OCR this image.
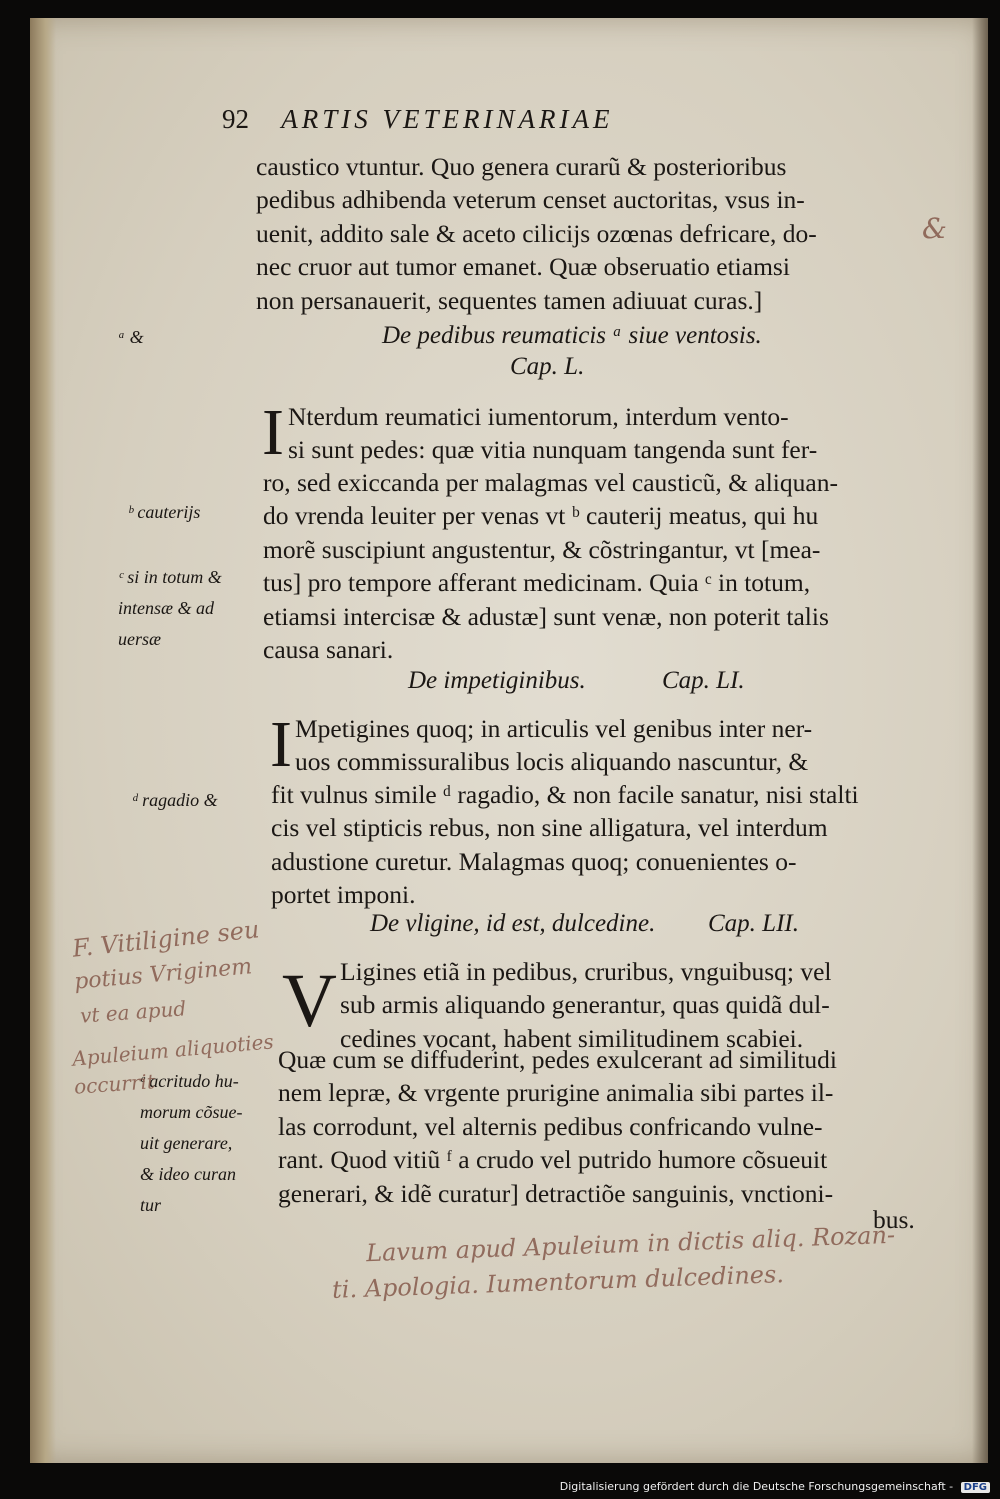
92 ARTIS VETERINARIAE
caustico vtuntur. Quo genera curarũ & posterioribus
pedibus adhibenda veterum censet auctoritas, vsus in-
uenit, addito sale & aceto cilicijs ozœnas defricare, do-
nec cruor aut tumor emanet. Quæ obseruatio etiamsi
non persanauerit, sequentes tamen adiuuat curas.]
ᵃ &	De pedibus reumaticis ᵃ siue ventosis.
Cap. L.
I Nterdum reumatici iumentorum, interdum vento-
si sunt pedes: quæ vitia nunquam tangenda sunt fer-
ro, sed exiccanda per malagmas vel causticũ, & aliquan-
do vrenda leuiter per venas vt ᵇ cauterij meatus, qui hu
morẽ suscipiunt angustentur, & cõstringantur, vt [mea-
tus] pro tempore afferant medicinam. Quia ᶜ in totum,
etiamsi intercisæ & adustæ] sunt venæ, non poterit talis
causa sanari.
ᵇ cauterijs
ᶜ si in totum &
intensæ & ad
uersæ
De impetiginibus.	Cap. LI.
I Mpetigines quoq; in articulis vel genibus inter ner-
uos commissuralibus locis aliquando nascuntur, &
fit vulnus simile ᵈ ragadio, & non facile sanatur, nisi stalti
cis vel stipticis rebus, non sine alligatura, vel interdum
adustione curetur. Malagmas quoq; conuenientes o-
portet imponi.
ᵈ ragadio &
De vligine, id est, dulcedine. Cap. LII.
V Ligines etiã in pedibus, cruribus, vnguibusq; vel
sub armis aliquando generantur, quas quidã dul-
cedines vocant, habent similitudinem scabiei.
Quæ cum se diffuderint, pedes exulcerant ad similitudi
nem lepræ, & vrgente prurigine animalia sibi partes il-
las corrodunt, vel alternis pedibus confricando vulne-
rant. Quod vitiũ ᶠ a crudo vel putrido humore cõsueuit
generari, & idẽ curatur] detractiõe sanguinis, vnctioni-
bus.
ᵉ acritudo hu-
morum cõsue-
uit generare,
& ideo curan
tur
F. Vitiligine seu
potius Vriginem
vt ea apud
Apuleium aliquoties
occurrit
&
Lavum apud Apuleium in dictis aliq. Rozan-
ti. Apologia. Iumentorum dulcedines.
Digitalisierung gefördert durch die Deutsche Forschungsgemeinschaft - DFG
